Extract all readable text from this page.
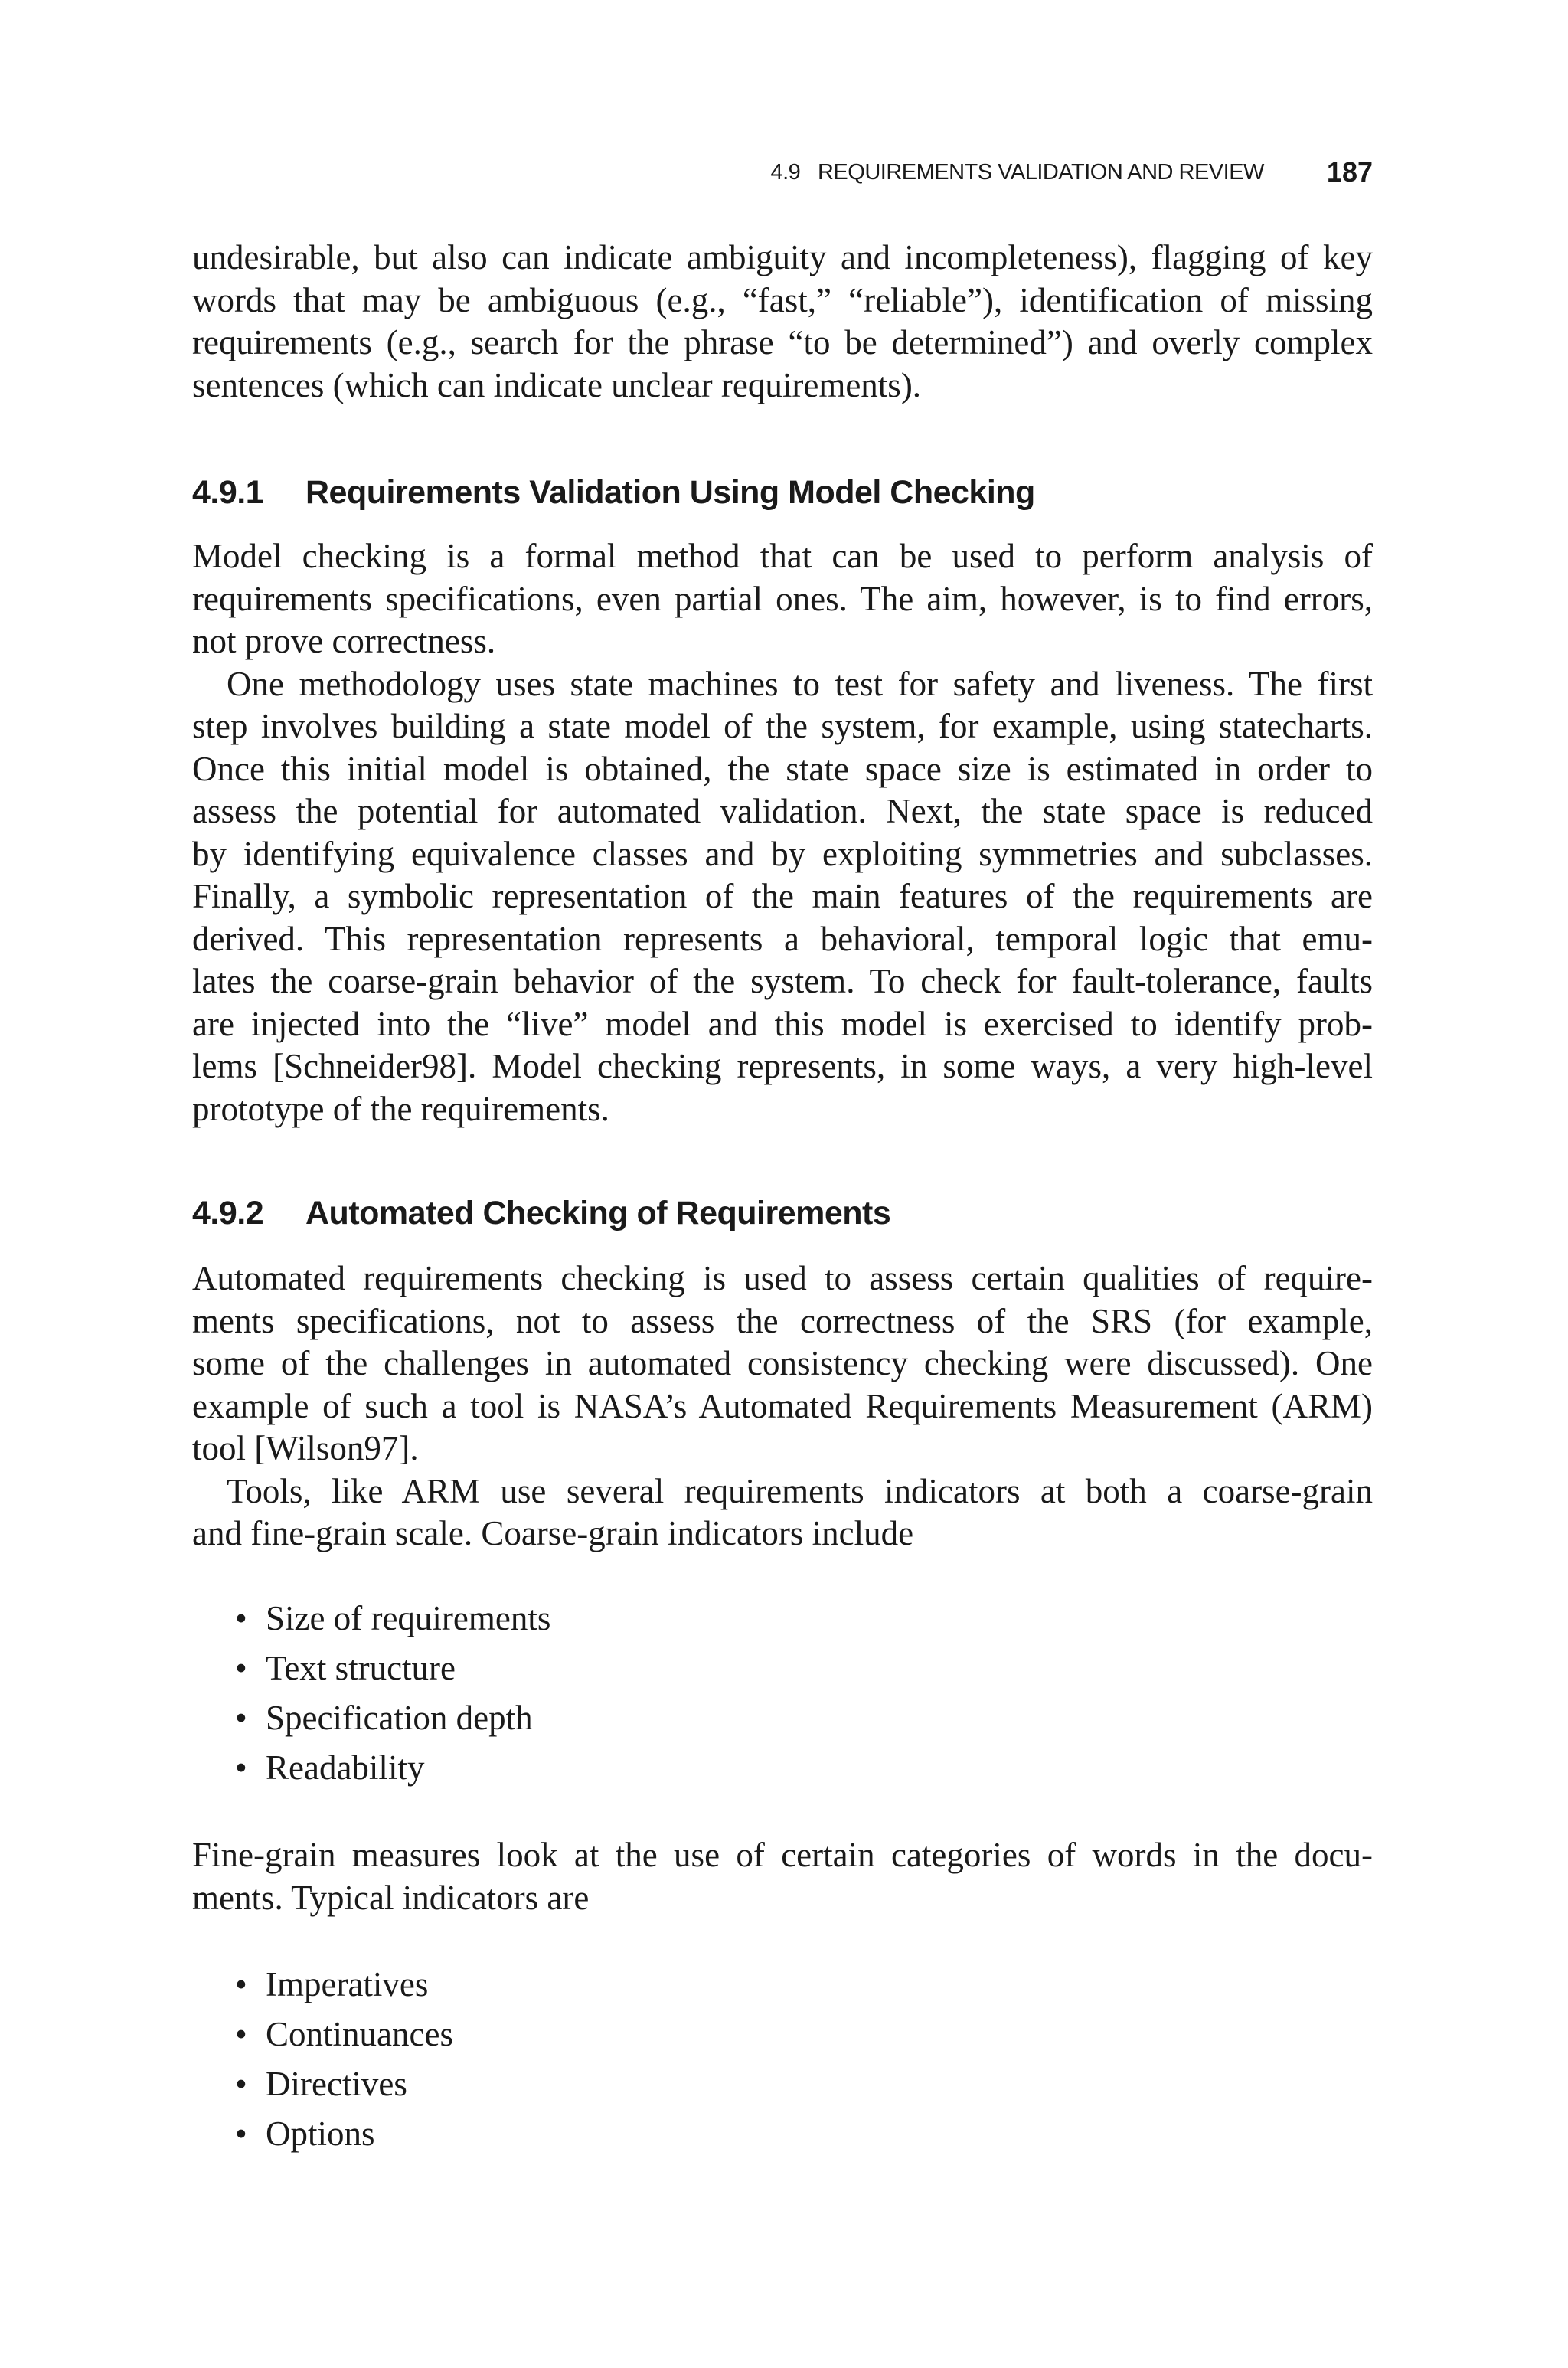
4.9   REQUIREMENTS VALIDATION AND REVIEW 187
undesirable, but also can indicate ambiguity and incompleteness), flagging of key
words that may be ambiguous (e.g., “fast,” “reliable”), identification of missing
requirements (e.g., search for the phrase “to be determined”) and overly complex
sentences (which can indicate unclear requirements).
4.9.1 Requirements Validation Using Model Checking
Model checking is a formal method that can be used to perform analysis of
requirements specifications, even partial ones. The aim, however, is to find errors,
not prove correctness.
One methodology uses state machines to test for safety and liveness. The first
step involves building a state model of the system, for example, using statecharts.
Once this initial model is obtained, the state space size is estimated in order to
assess the potential for automated validation. Next, the state space is reduced
by identifying equivalence classes and by exploiting symmetries and subclasses.
Finally, a symbolic representation of the main features of the requirements are
derived. This representation represents a behavioral, temporal logic that emu-
lates the coarse-grain behavior of the system. To check for fault-tolerance, faults
are injected into the “live” model and this model is exercised to identify prob-
lems [Schneider98]. Model checking represents, in some ways, a very high-level
prototype of the requirements.
4.9.2 Automated Checking of Requirements
Automated requirements checking is used to assess certain qualities of require-
ments specifications, not to assess the correctness of the SRS (for example,
some of the challenges in automated consistency checking were discussed). One
example of such a tool is NASA’s Automated Requirements Measurement (ARM)
tool [Wilson97].
Tools, like ARM use several requirements indicators at both a coarse-grain
and fine-grain scale. Coarse-grain indicators include
• Size of requirements
• Text structure
• Specification depth
• Readability
Fine-grain measures look at the use of certain categories of words in the docu-
ments. Typical indicators are
• Imperatives
• Continuances
• Directives
• Options
